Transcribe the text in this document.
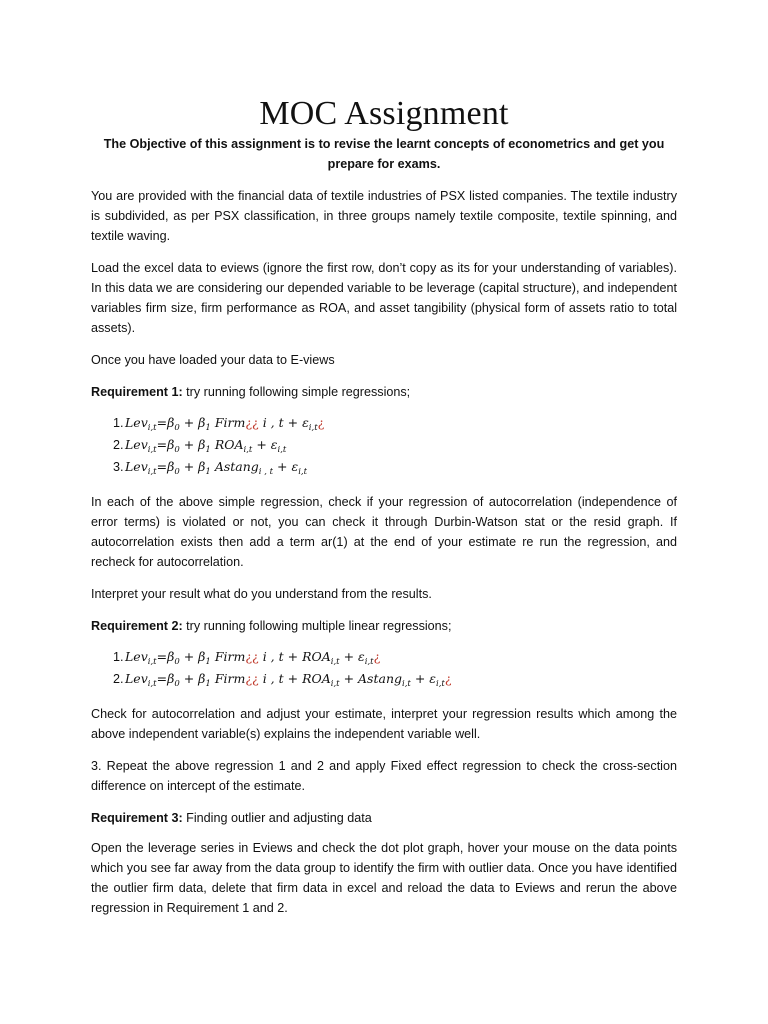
MOC Assignment
The Objective of this assignment is to revise the learnt concepts of econometrics and get you prepare for exams.

You are provided with the financial data of textile industries of PSX listed companies. The textile industry is subdivided, as per PSX classification, in three groups namely textile composite, textile spinning, and textile waving.

Load the excel data to eviews (ignore the first row, don’t copy as its for your understanding of variables). In this data we are considering our depended variable to be leverage (capital structure), and independent variables firm size, firm performance as ROA, and asset tangibility (physical form of assets ratio to total assets).

Once you have loaded your data to E-views

Requirement 1: try running following simple regressions;

1. $Lev_{i,t}=\beta_0 + \beta_1$ Firm¿¿ i , $t + \varepsilon_{i,t}¿$
2. $Lev_{i,t}=\beta_0 + \beta_1$ $ROA_{i,t} + \varepsilon_{i,t}$
3. $Lev_{i,t}=\beta_0 + \beta_1$ $Astang_{i , t} + \varepsilon_{i,t}$

In each of the above simple regression, check if your regression of autocorrelation (independence of error terms) is violated or not, you can check it through Durbin-Watson stat or the resid graph. If autocorrelation exists then add a term ar(1) at the end of your estimate re run the regression, and recheck for autocorrelation.

Interpret your result what do you understand from the results.

Requirement 2: try running following multiple linear regressions;

1. $Lev_{i,t}=\beta_0 + \beta_1$ Firm¿¿ i , $t + ROA_{i,t}$ + $\varepsilon_{i,t}¿$
2. $Lev_{i,t}=\beta_0 + \beta_1$ Firm¿¿ i , $t + ROA_{i,t} + Astang_{i,t}$ + $\varepsilon_{i,t}¿$

Check for autocorrelation and adjust your estimate, interpret your regression results which among the above independent variable(s) explains the independent variable well.

3. Repeat the above regression 1 and 2 and apply Fixed effect regression to check the cross-section difference on intercept of the estimate.

Requirement 3: Finding outlier and adjusting data

Open the leverage series in Eviews and check the dot plot graph, hover your mouse on the data points which you see far away from the data group to identify the firm with outlier data. Once you have identified the outlier firm data, delete that firm data in excel and reload the data to Eviews and rerun the above regression in Requirement 1 and 2.
